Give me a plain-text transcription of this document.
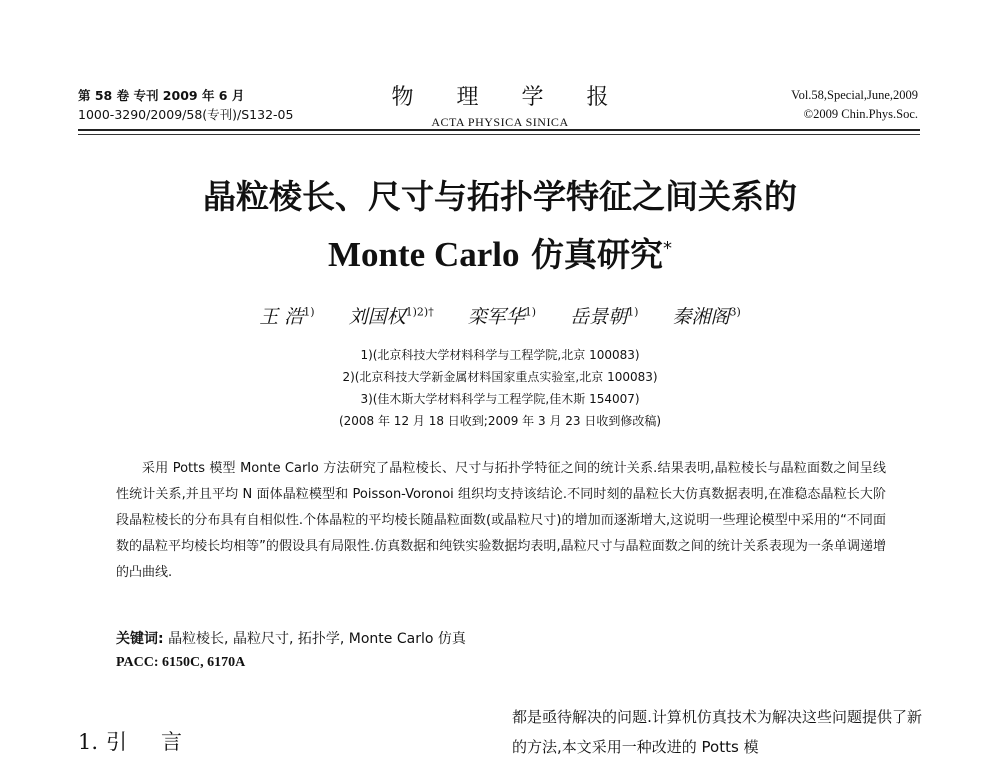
第 58 卷 专刊 2009 年 6 月
1000-3290/2009/58(专刊)/S132-05
物 理 学 报
ACTA PHYSICA SINICA
Vol.58,Special,June,2009
©2009 Chin.Phys.Soc.
晶粒棱长、尺寸与拓扑学特征之间关系的
Monte Carlo 仿真研究*
王 浩$^{1)}$ 刘国权$^{1)2)\dagger}$ 栾军华$^{1)}$ 岳景朝$^{1)}$ 秦湘阁$^{3)}$
1)(北京科技大学材料科学与工程学院,北京 100083)
2)(北京科技大学新金属材料国家重点实验室,北京 100083)
3)(佳木斯大学材料科学与工程学院,佳木斯 154007)
(2008 年 12 月 18 日收到;2009 年 3 月 23 日收到修改稿)
采用 Potts 模型 Monte Carlo 方法研究了晶粒棱长、尺寸与拓扑学特征之间的统计关系.结果表明,晶粒棱长与晶粒面数之间呈线性统计关系,并且平均 N 面体晶粒模型和 Poisson-Voronoi 组织均支持该结论.不同时刻的晶粒长大仿真数据表明,在准稳态晶粒长大阶段晶粒棱长的分布具有自相似性.个体晶粒的平均棱长随晶粒面数(或晶粒尺寸)的增加而逐渐增大,这说明一些理论模型中采用的“不同面数的晶粒平均棱长均相等”的假设具有局限性.仿真数据和纯铁实验数据均表明,晶粒尺寸与晶粒面数之间的统计关系表现为一条单调递增的凸曲线.
关键词: 晶粒棱长, 晶粒尺寸, 拓扑学, Monte Carlo 仿真
PACC: 6150C, 6170A
1. 引言
都是亟待解决的问题.计算机仿真技术为解决这些问题提供了新的方法,本文采用一种改进的 Potts 模
